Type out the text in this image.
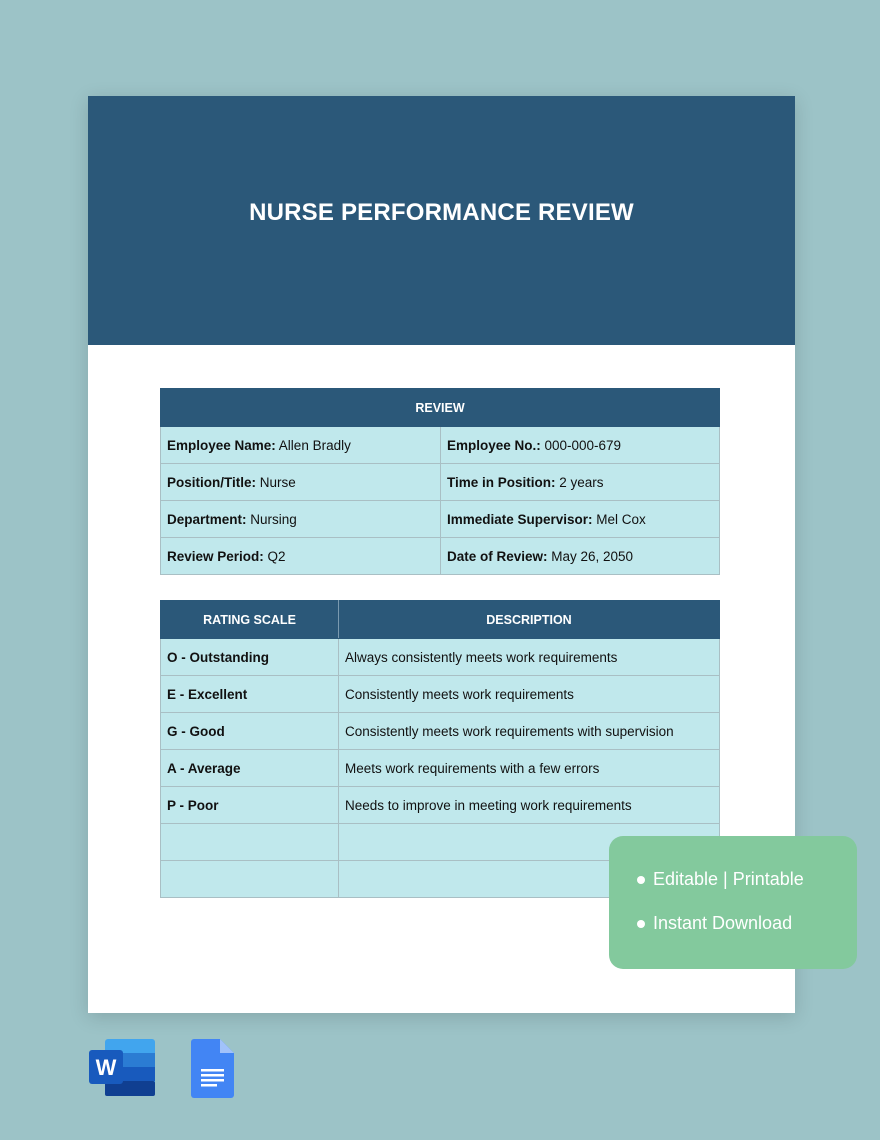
NURSE PERFORMANCE REVIEW
REVIEW	
Employee Name: Allen Bradly	Employee No.: 000-000-679
Position/Title: Nurse	Time in Position: 2 years
Department: Nursing	Immediate Supervisor: Mel Cox
Review Period: Q2	Date of Review: May 26, 2050
RATING SCALE	DESCRIPTION
O - Outstanding	Always consistently meets work requirements
E - Excellent	Consistently meets work requirements
G - Good	Consistently meets work requirements with supervision
A - Average	Meets work requirements with a few errors
P - Poor	Needs to improve in meeting work requirements

Editable | Printable
Instant Download
W
